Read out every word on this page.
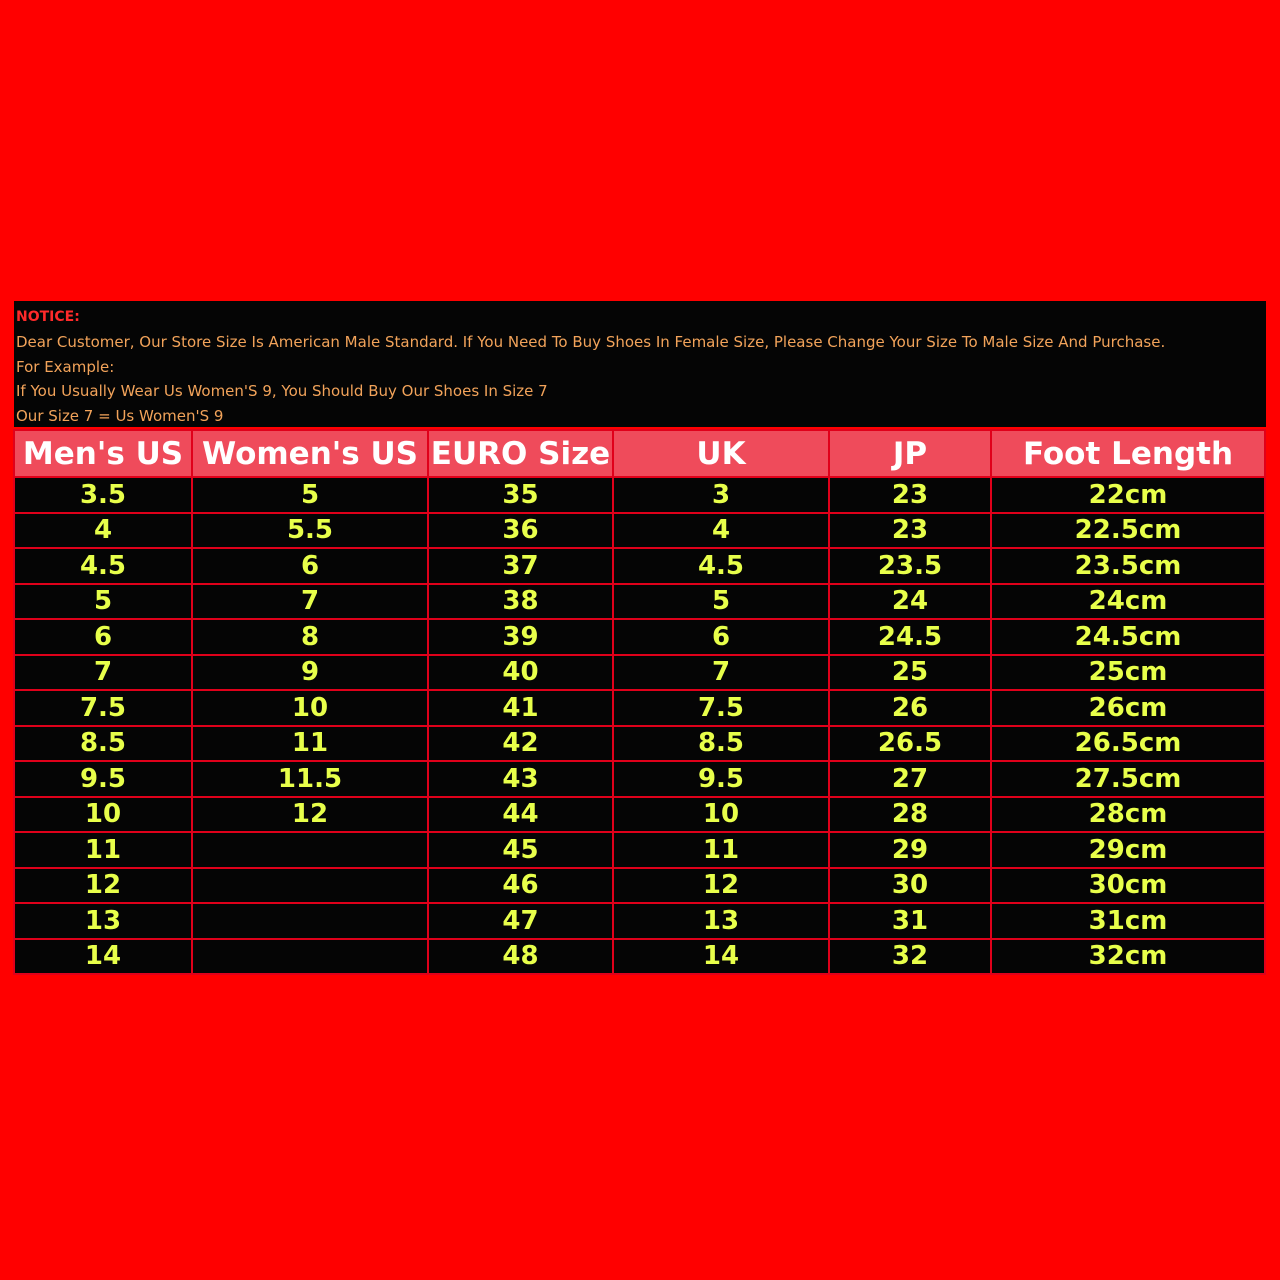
NOTICE:
Dear Customer, Our Store Size Is American Male Standard. If You Need To Buy Shoes In Female Size, Please Change Your Size To Male Size And Purchase.
For Example:
If You Usually Wear Us Women'S 9, You Should Buy Our Shoes In Size 7
Our Size 7 = Us Women'S 9
Men's US	Women's US	EURO Size	UK	JP	Foot Length
3.5	5	35	3	23	22cm
4	5.5	36	4	23	22.5cm
4.5	6	37	4.5	23.5	23.5cm
5	7	38	5	24	24cm
6	8	39	6	24.5	24.5cm
7	9	40	7	25	25cm
7.5	10	41	7.5	26	26cm
8.5	11	42	8.5	26.5	26.5cm
9.5	11.5	43	9.5	27	27.5cm
10	12	44	10	28	28cm
11		45	11	29	29cm
12		46	12	30	30cm
13		47	13	31	31cm
14		48	14	32	32cm
